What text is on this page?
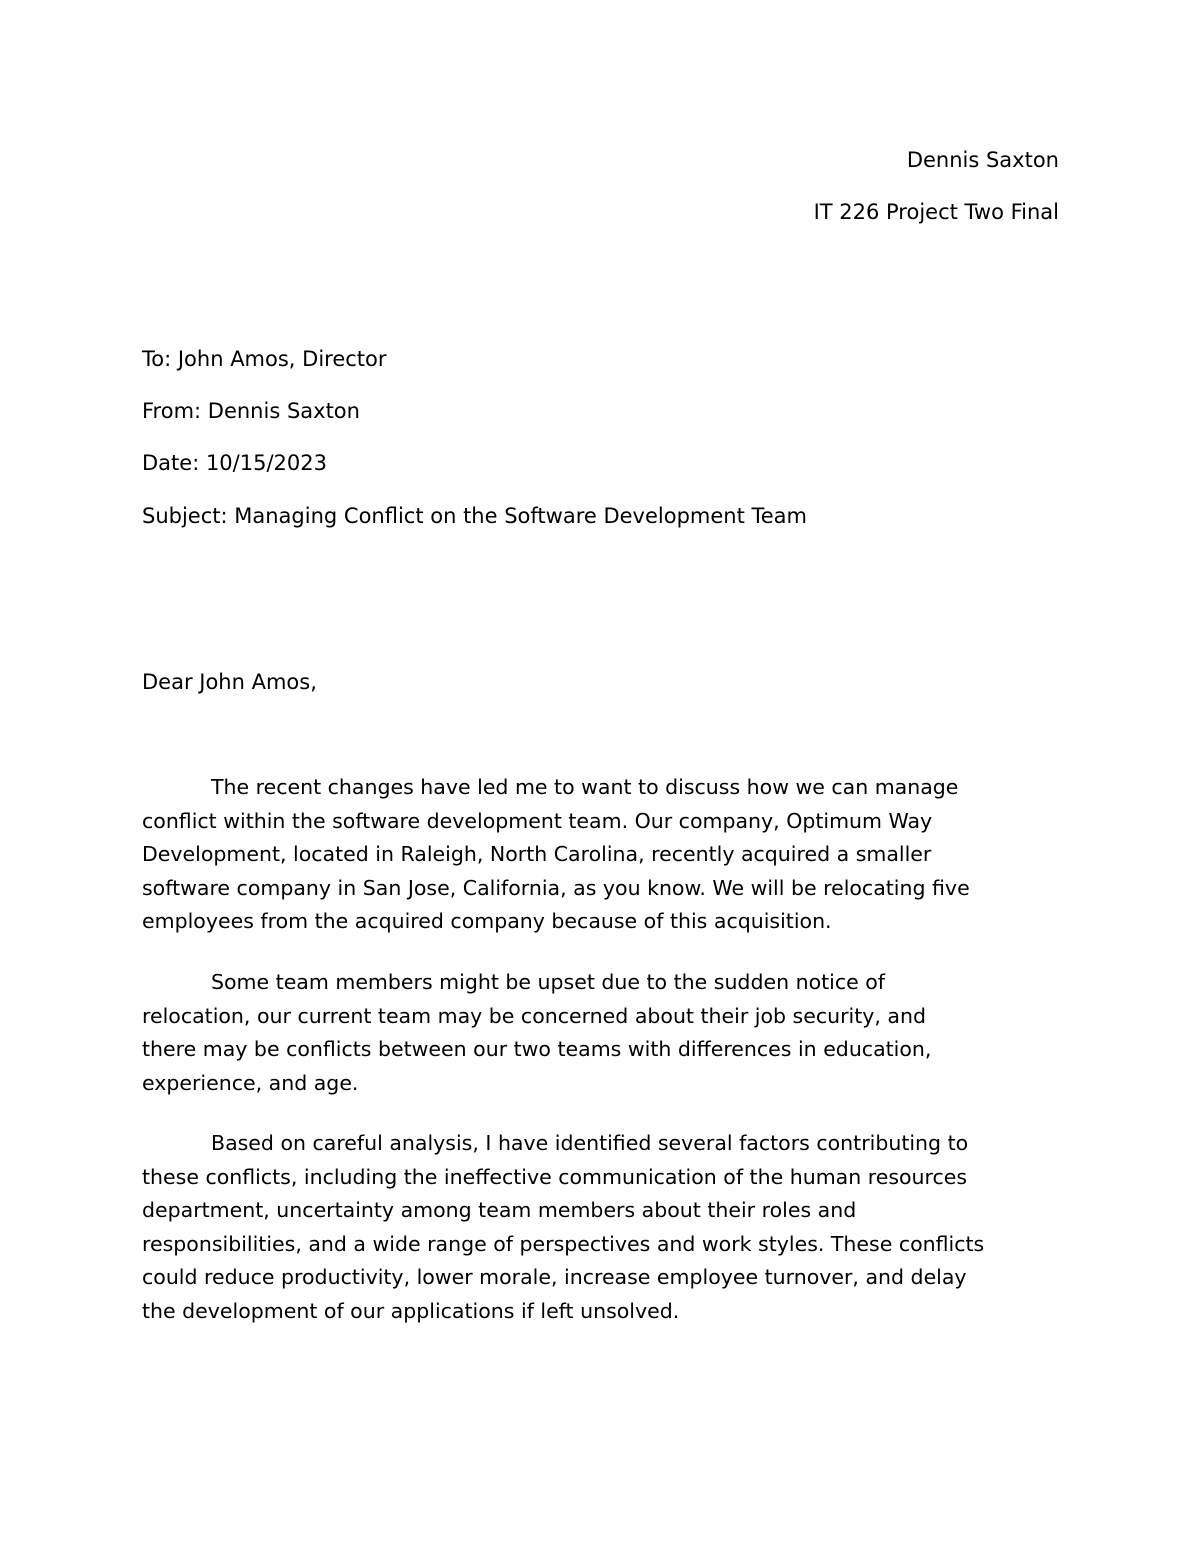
Dennis Saxton
IT 226 Project Two Final
To: John Amos, Director
From: Dennis Saxton
Date: 10/15/2023
Subject: Managing Conflict on the Software Development Team
Dear John Amos,
The recent changes have led me to want to discuss how we can manage
conflict within the software development team. Our company, Optimum Way
Development, located in Raleigh, North Carolina, recently acquired a smaller
software company in San Jose, California, as you know. We will be relocating five
employees from the acquired company because of this acquisition.
Some team members might be upset due to the sudden notice of
relocation, our current team may be concerned about their job security, and
there may be conflicts between our two teams with differences in education,
experience, and age.
Based on careful analysis, I have identified several factors contributing to
these conflicts, including the ineffective communication of the human resources
department, uncertainty among team members about their roles and
responsibilities, and a wide range of perspectives and work styles. These conflicts
could reduce productivity, lower morale, increase employee turnover, and delay
the development of our applications if left unsolved.
